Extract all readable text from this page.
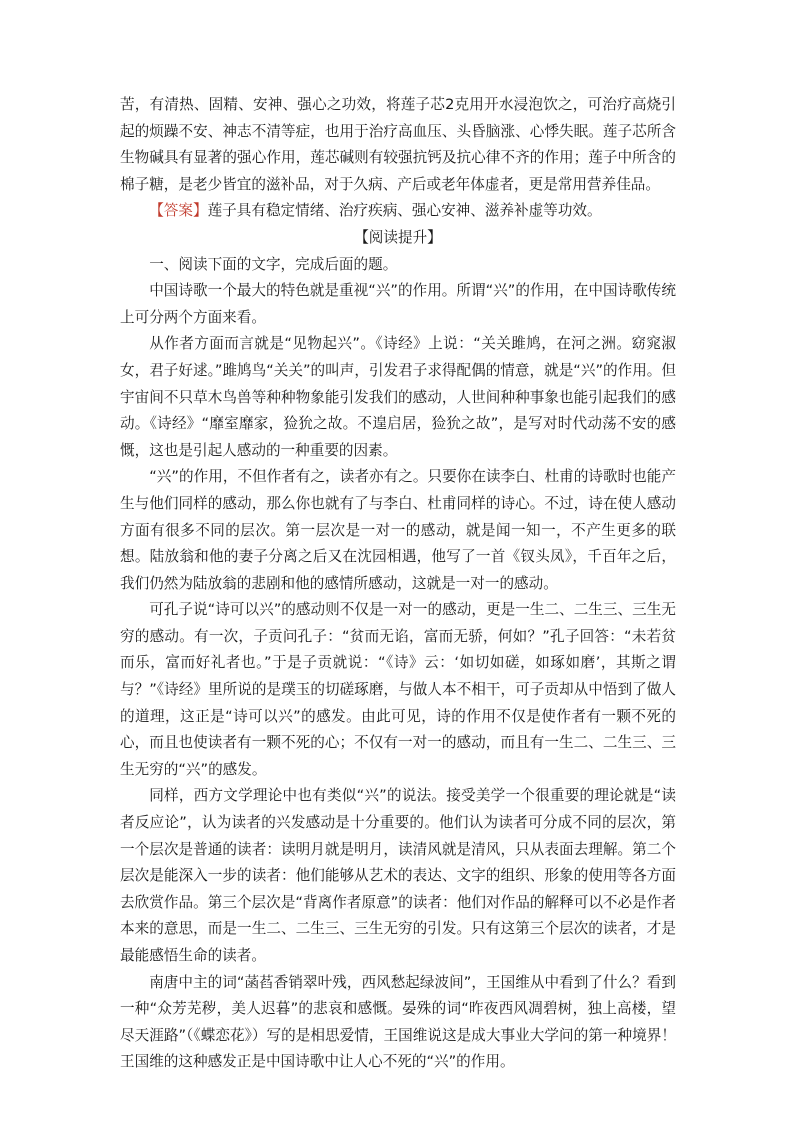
苦，有清热、固精、安神、强心之功效，将莲子芯2克用开水浸泡饮之，可治疗高烧引起的烦躁不安、神志不清等症，也用于治疗高血压、头昏脑涨、心悸失眠。莲子芯所含生物碱具有显著的强心作用，莲芯碱则有较强抗钙及抗心律不齐的作用；莲子中所含的棉子糖，是老少皆宜的滋补品，对于久病、产后或老年体虚者，更是常用营养佳品。

【答案】莲子具有稳定情绪、治疗疾病、强心安神、滋养补虚等功效。

【阅读提升】

一、阅读下面的文字，完成后面的题。

中国诗歌一个最大的特色就是重视“兴”的作用。所谓“兴”的作用，在中国诗歌传统上可分两个方面来看。

从作者方面而言就是“见物起兴”。《诗经》上说：“关关雎鸠，在河之洲。窈窕淑女，君子好逑。”雎鸠鸟“关关”的叫声，引发君子求得配偶的情意，就是“兴”的作用。但宇宙间不只草木鸟兽等种种物象能引发我们的感动，人世间种种事象也能引起我们的感动。《诗经》“靡室靡家，猃狁之故。不遑启居，猃狁之故”，是写对时代动荡不安的感慨，这也是引起人感动的一种重要的因素。

“兴”的作用，不但作者有之，读者亦有之。只要你在读李白、杜甫的诗歌时也能产生与他们同样的感动，那么你也就有了与李白、杜甫同样的诗心。不过，诗在使人感动方面有很多不同的层次。第一层次是一对一的感动，就是闻一知一，不产生更多的联想。陆放翁和他的妻子分离之后又在沈园相遇，他写了一首《钗头凤》，千百年之后，我们仍然为陆放翁的悲剧和他的感情所感动，这就是一对一的感动。

可孔子说“诗可以兴”的感动则不仅是一对一的感动，更是一生二、二生三、三生无穷的感动。有一次，子贡问孔子：“贫而无谄，富而无骄，何如？”孔子回答：“未若贫而乐，富而好礼者也。”于是子贡就说：“《诗》云：‘如切如磋，如琢如磨’，其斯之谓与？”《诗经》里所说的是璞玉的切磋琢磨，与做人本不相干，可子贡却从中悟到了做人的道理，这正是“诗可以兴”的感发。由此可见，诗的作用不仅是使作者有一颗不死的心，而且也使读者有一颗不死的心；不仅有一对一的感动，而且有一生二、二生三、三生无穷的“兴”的感发。

同样，西方文学理论中也有类似“兴”的说法。接受美学一个很重要的理论就是“读者反应论”，认为读者的兴发感动是十分重要的。他们认为读者可分成不同的层次，第一个层次是普通的读者：读明月就是明月，读清风就是清风，只从表面去理解。第二个层次是能深入一步的读者：他们能够从艺术的表达、文字的组织、形象的使用等各方面去欣赏作品。第三个层次是“背离作者原意”的读者：他们对作品的解释可以不必是作者本来的意思，而是一生二、二生三、三生无穷的引发。只有这第三个层次的读者，才是最能感悟生命的读者。

南唐中主的词“菡萏香销翠叶残，西风愁起绿波间”，王国维从中看到了什么？看到一种“众芳芜秽，美人迟暮”的悲哀和感慨。晏殊的词“昨夜西风凋碧树，独上高楼，望尽天涯路”（《蝶恋花》）写的是相思爱情，王国维说这是成大事业大学问的第一种境界！王国维的这种感发正是中国诗歌中让人心不死的“兴”的作用。
